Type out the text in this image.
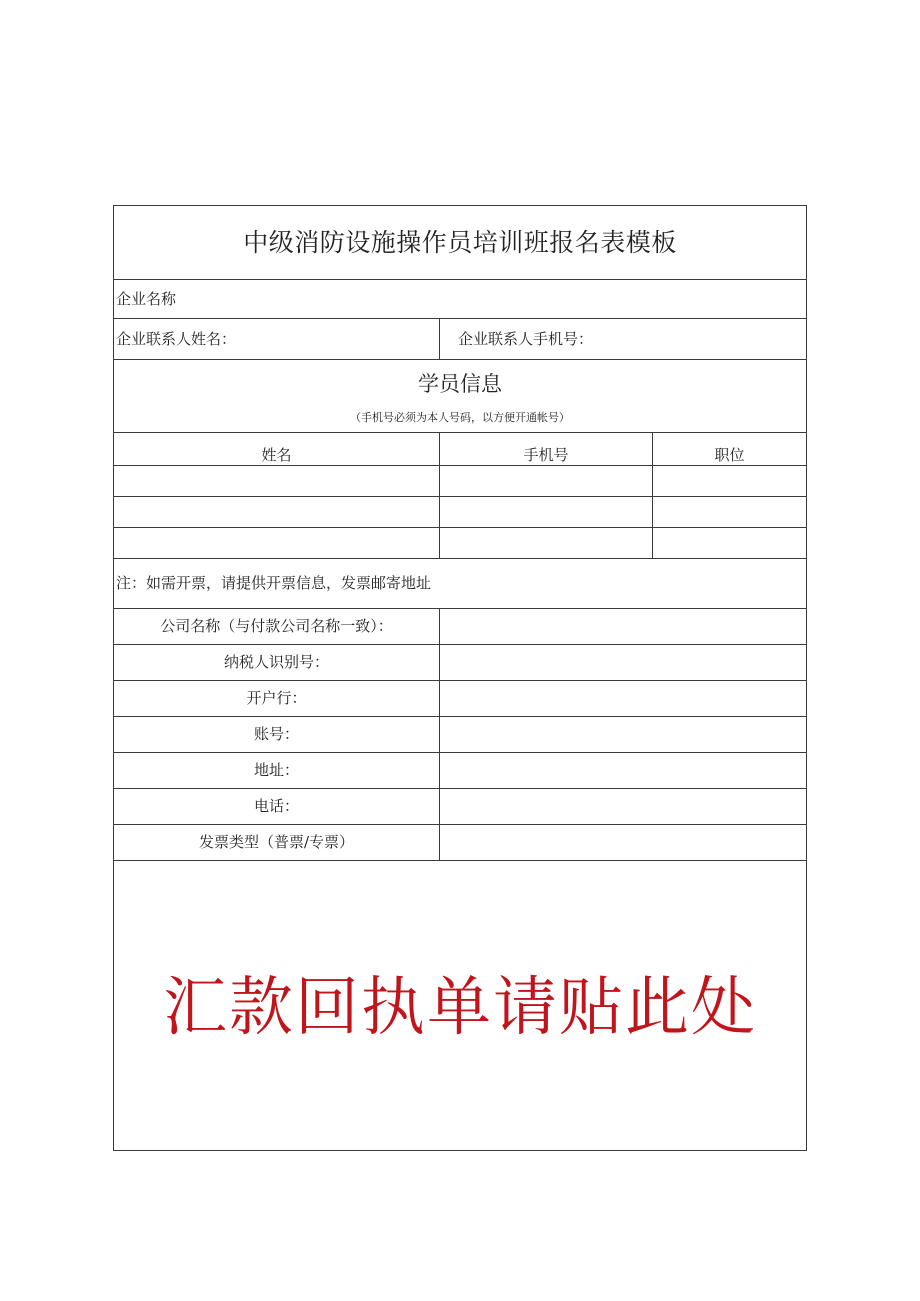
中级消防设施操作员培训班报名表模板		
企业名称		
企业联系人姓名：	企业联系人手机号：	

学员信息
（手机号必须为本人号码，以方便开通帐号）		

姓名	手机号	职位

注：如需开票，请提供开票信息，发票邮寄地址		
公司名称（与付款公司名称一致）：		
纳税人识别号：		
开户行：		
账号：		
地址：		
电话：		
发票类型（普票/专票）		
汇款回执单请贴此处		
